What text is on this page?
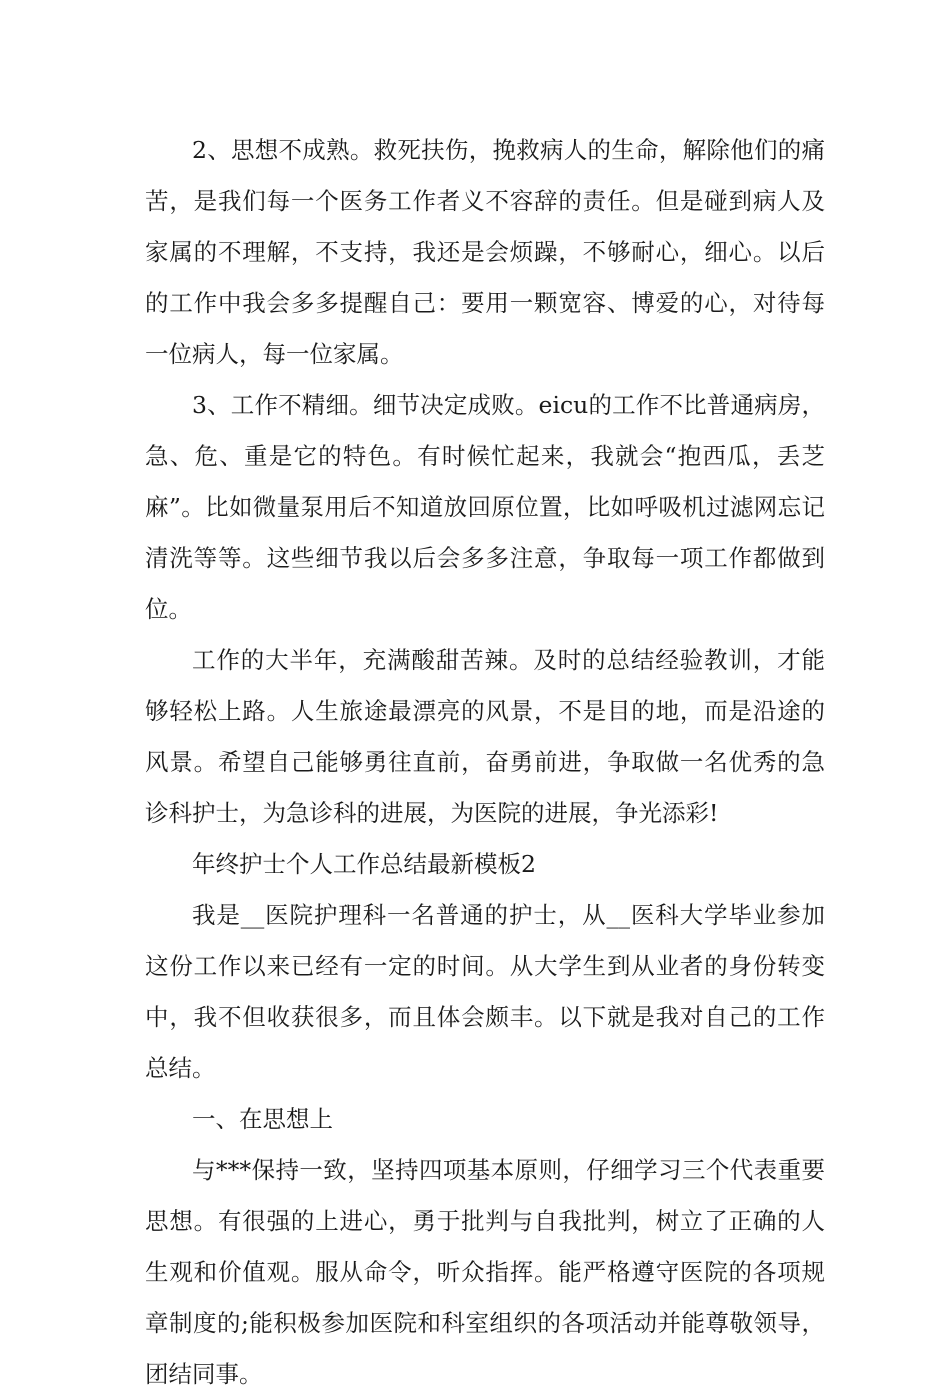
2、思想不成熟。救死扶伤，挽救病人的生命，解除他们的痛苦，是我们每一个医务工作者义不容辞的责任。但是碰到病人及家属的不理解，不支持，我还是会烦躁，不够耐心，细心。以后的工作中我会多多提醒自己：要用一颗宽容、博爱的心，对待每一位病人，每一位家属。

3、工作不精细。细节决定成败。eicu的工作不比普通病房，急、危、重是它的特色。有时候忙起来，我就会“抱西瓜，丢芝麻”。比如微量泵用后不知道放回原位置，比如呼吸机过滤网忘记清洗等等。这些细节我以后会多多注意，争取每一项工作都做到位。

工作的大半年，充满酸甜苦辣。及时的总结经验教训，才能够轻松上路。人生旅途最漂亮的风景，不是目的地，而是沿途的风景。希望自己能够勇往直前，奋勇前进，争取做一名优秀的急诊科护士，为急诊科的进展，为医院的进展，争光添彩!

年终护士个人工作总结最新模板2

我是__医院护理科一名普通的护士，从__医科大学毕业参加这份工作以来已经有一定的时间。从大学生到从业者的身份转变中，我不但收获很多，而且体会颇丰。以下就是我对自己的工作总结。

一、在思想上

与***保持一致，坚持四项基本原则，仔细学习三个代表重要思想。有很强的上进心，勇于批判与自我批判，树立了正确的人生观和价值观。服从命令，听众指挥。能严格遵守医院的各项规章制度的;能积极参加医院和科室组织的各项活动并能尊敬领导，团结同事。
